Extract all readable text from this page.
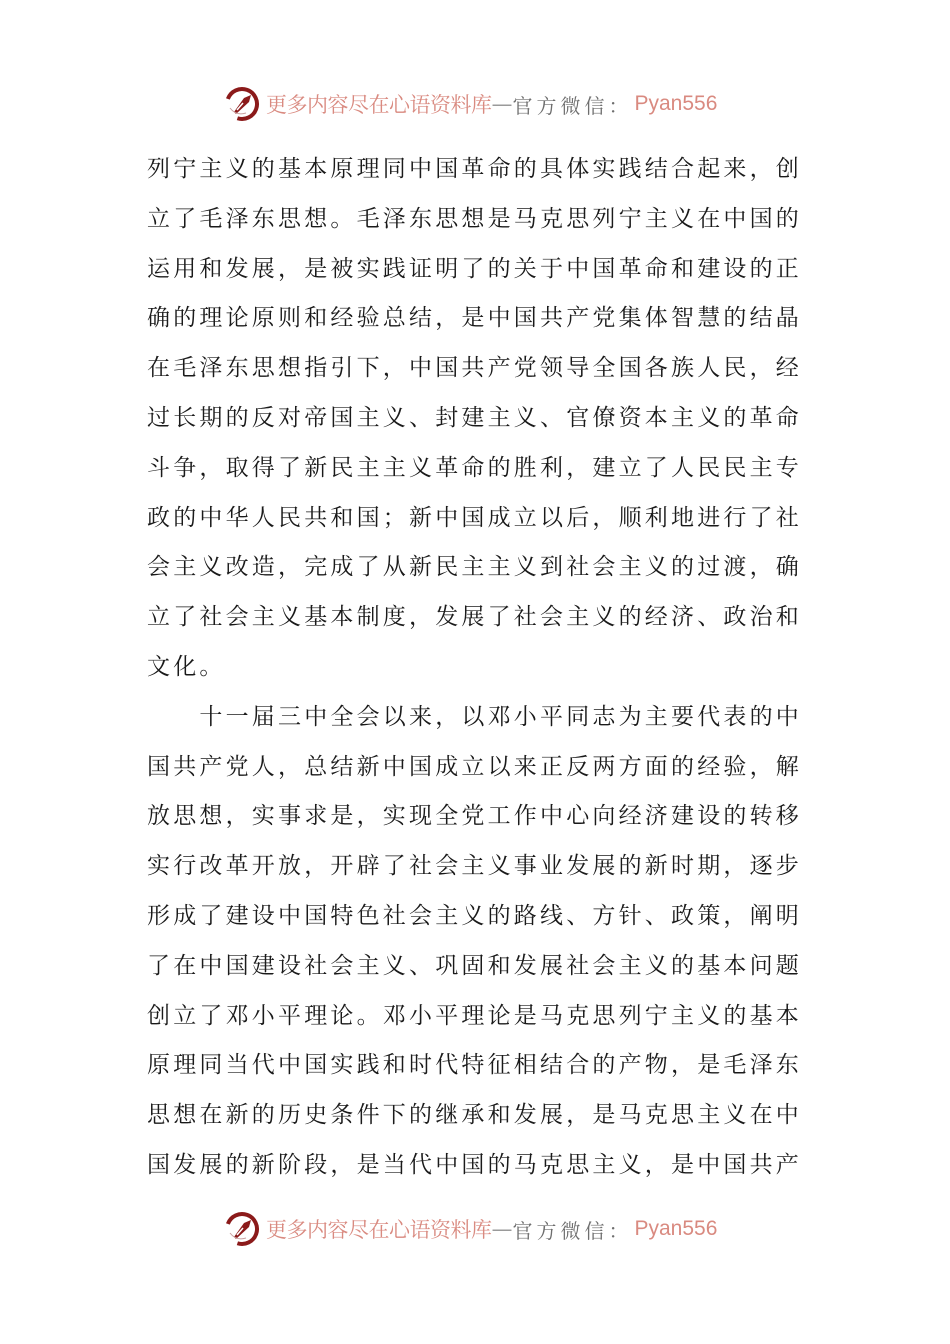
更多内容尽在心语资料库 — 官方微信： Pyan556
列宁主义的基本原理同中国革命的具体实践结合起来，创
立了毛泽东思想。毛泽东思想是马克思列宁主义在中国的
运用和发展，是被实践证明了的关于中国革命和建设的正
确的理论原则和经验总结，是中国共产党集体智慧的结晶
在毛泽东思想指引下，中国共产党领导全国各族人民，经
过长期的反对帝国主义、封建主义、官僚资本主义的革命
斗争，取得了新民主主义革命的胜利，建立了人民民主专
政的中华人民共和国；新中国成立以后，顺利地进行了社
会主义改造，完成了从新民主主义到社会主义的过渡，确
立了社会主义基本制度，发展了社会主义的经济、政治和
文化。
　　十一届三中全会以来，以邓小平同志为主要代表的中
国共产党人，总结新中国成立以来正反两方面的经验，解
放思想，实事求是，实现全党工作中心向经济建设的转移
实行改革开放，开辟了社会主义事业发展的新时期，逐步
形成了建设中国特色社会主义的路线、方针、政策，阐明
了在中国建设社会主义、巩固和发展社会主义的基本问题
创立了邓小平理论。邓小平理论是马克思列宁主义的基本
原理同当代中国实践和时代特征相结合的产物，是毛泽东
思想在新的历史条件下的继承和发展，是马克思主义在中
国发展的新阶段，是当代中国的马克思主义，是中国共产
更多内容尽在心语资料库 — 官方微信： Pyan556
